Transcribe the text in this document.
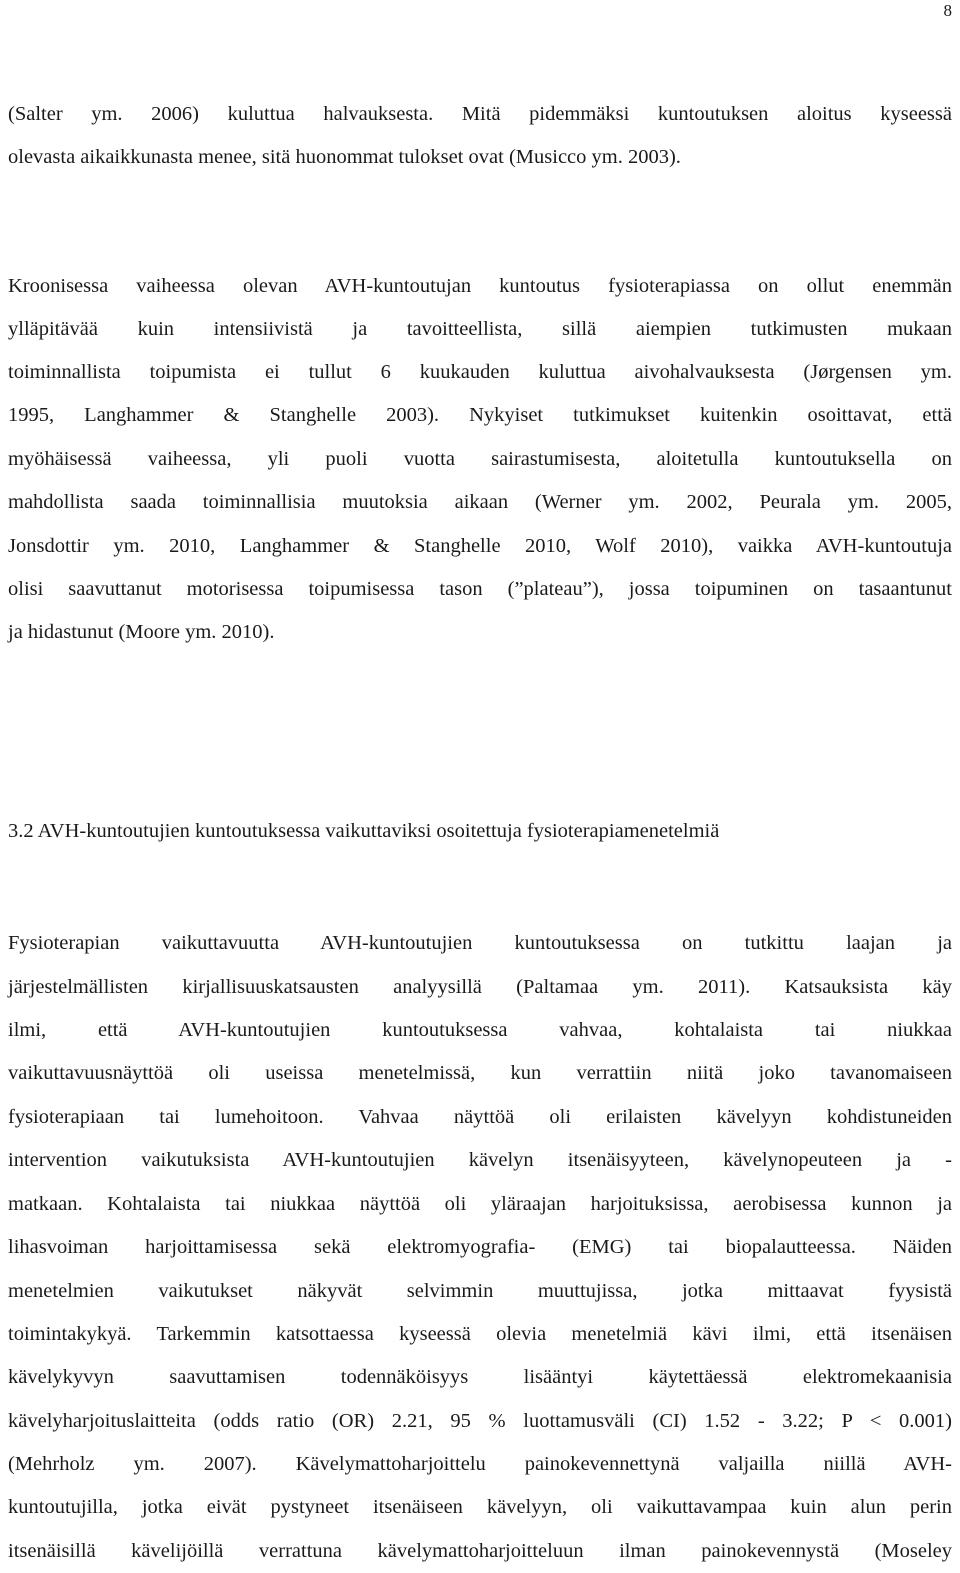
8
(Salter ym. 2006) kuluttua halvauksesta. Mitä pidemmäksi kuntoutuksen aloitus kyseessä
olevasta aikaikkunasta menee, sitä huonommat tulokset ovat (Musicco ym. 2003).
Kroonisessa vaiheessa olevan AVH-kuntoutujan kuntoutus fysioterapiassa on ollut enemmän
ylläpitävää kuin intensiivistä ja tavoitteellista, sillä aiempien tutkimusten mukaan
toiminnallista toipumista ei tullut 6 kuukauden kuluttua aivohalvauksesta (Jørgensen ym.
1995, Langhammer & Stanghelle 2003). Nykyiset tutkimukset kuitenkin osoittavat, että
myöhäisessä vaiheessa, yli puoli vuotta sairastumisesta, aloitetulla kuntoutuksella on
mahdollista saada toiminnallisia muutoksia aikaan (Werner ym. 2002, Peurala ym. 2005,
Jonsdottir ym. 2010, Langhammer & Stanghelle 2010, Wolf 2010), vaikka AVH-kuntoutuja
olisi saavuttanut motorisessa toipumisessa tason (”plateau”), jossa toipuminen on tasaantunut
ja hidastunut (Moore ym. 2010).
3.2 AVH-kuntoutujien kuntoutuksessa vaikuttaviksi osoitettuja fysioterapiamenetelmiä
Fysioterapian vaikuttavuutta AVH-kuntoutujien kuntoutuksessa on tutkittu laajan ja
järjestelmällisten kirjallisuuskatsausten analyysillä (Paltamaa ym. 2011). Katsauksista käy
ilmi, että AVH-kuntoutujien kuntoutuksessa vahvaa, kohtalaista tai niukkaa
vaikuttavuusnäyttöä oli useissa menetelmissä, kun verrattiin niitä joko tavanomaiseen
fysioterapiaan tai lumehoitoon. Vahvaa näyttöä oli erilaisten kävelyyn kohdistuneiden
intervention vaikutuksista AVH-kuntoutujien kävelyn itsenäisyyteen, kävelynopeuteen ja -
matkaan. Kohtalaista tai niukkaa näyttöä oli yläraajan harjoituksissa, aerobisessa kunnon ja
lihasvoiman harjoittamisessa sekä elektromyografia- (EMG) tai biopalautteessa. Näiden
menetelmien vaikutukset näkyvät selvimmin muuttujissa, jotka mittaavat fyysistä
toimintakykyä. Tarkemmin katsottaessa kyseessä olevia menetelmiä kävi ilmi, että itsenäisen
kävelykyvyn saavuttamisen todennäköisyys lisääntyi käytettäessä elektromekaanisia
kävelyharjoituslaitteita (odds ratio (OR) 2.21, 95 % luottamusväli (CI) 1.52 - 3.22; P < 0.001)
(Mehrholz ym. 2007). Kävelymattoharjoittelu painokevennettynä valjailla niillä AVH-
kuntoutujilla, jotka eivät pystyneet itsenäiseen kävelyyn, oli vaikuttavampaa kuin alun perin
itsenäisillä kävelijöillä verrattuna kävelymattoharjoitteluun ilman painokevennystä (Moseley
